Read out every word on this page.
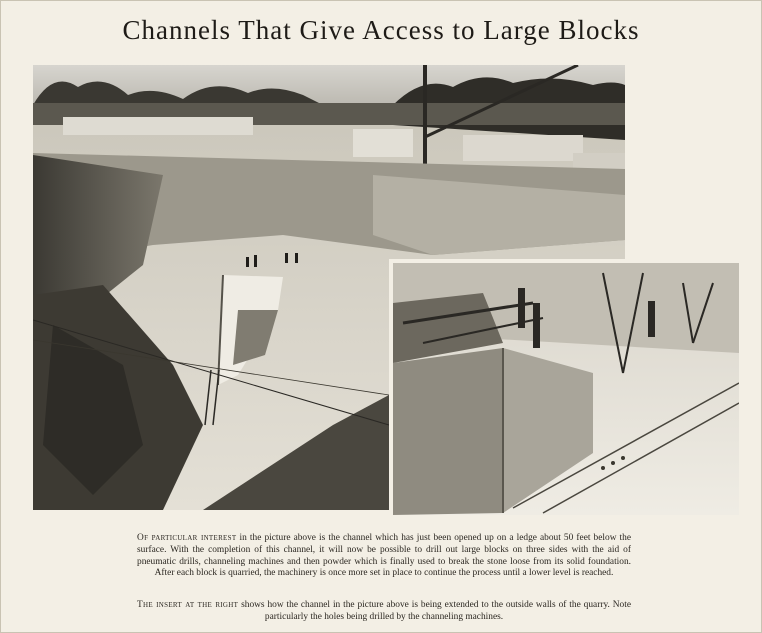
Channels That Give Access to Large Blocks

Of particular interest in the picture above is the channel which has just been opened up on a ledge about 50 feet below the surface. With the completion of this channel, it will now be possible to drill out large blocks on three sides with the aid of pneumatic drills, channeling machines and then powder which is finally used to break the stone loose from its solid foundation. After each block is quarried, the machinery is once more set in place to continue the process until a lower level is reached.

The insert at the right shows how the channel in the picture above is being extended to the outside walls of the quarry. Note particularly the holes being drilled by the channeling machines.
